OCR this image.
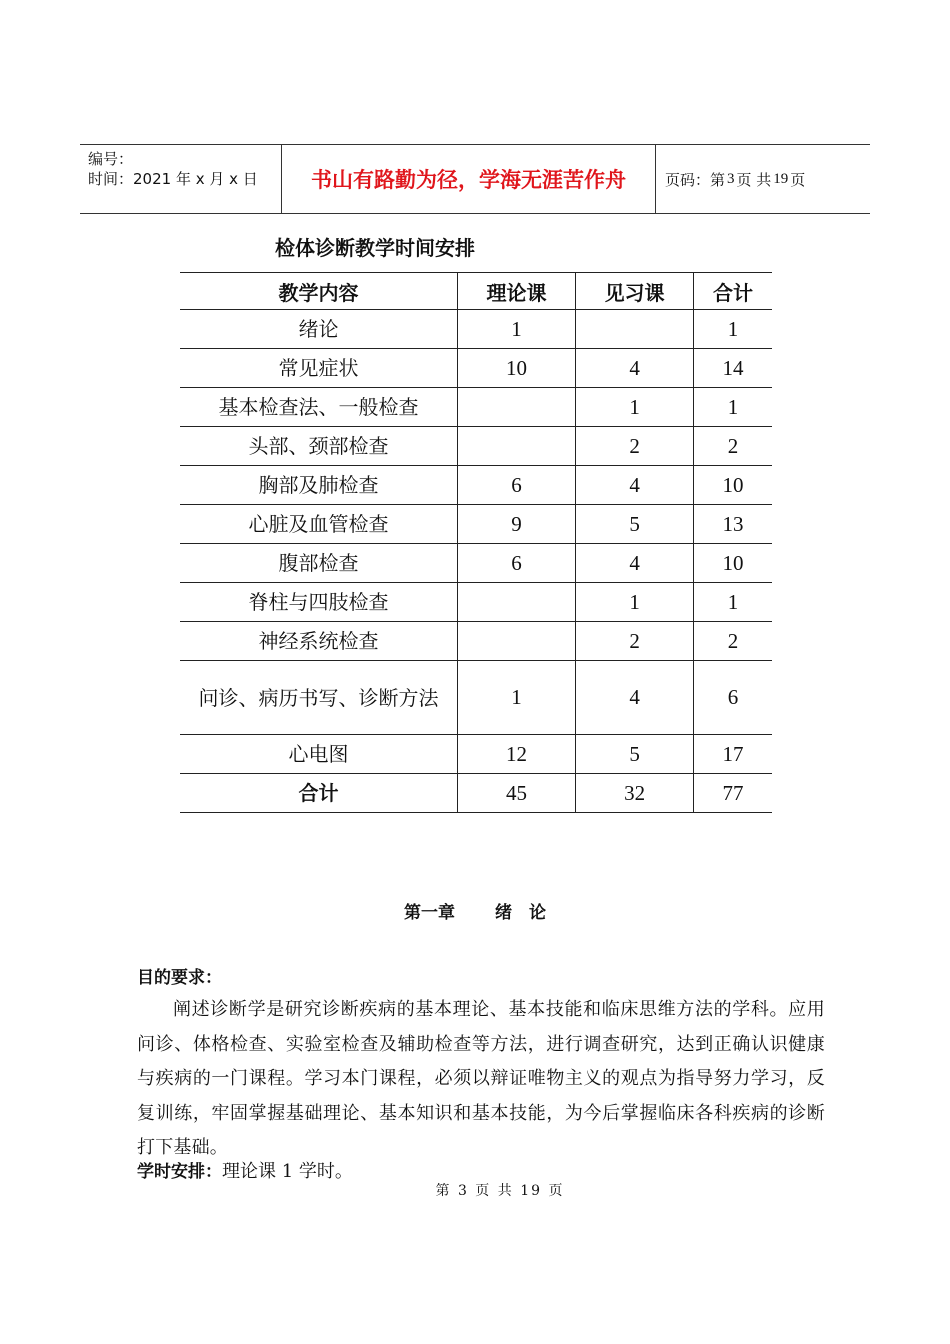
编号：
时间：2021 年 x 月 x 日	书山有路勤为径，学海无涯苦作舟	页码：第 3 页 共 19 页
检体诊断教学时间安排
教学内容	理论课	见习课	合计
绪论	1		1
常见症状	10	4	14
基本检查法、一般检查		1	1
头部、颈部检查		2	2
胸部及肺检查	6	4	10
心脏及血管检查	9	5	13
腹部检查	6	4	10
脊柱与四肢检查		1	1
神经系统检查		2	2
问诊、病历书写、诊断方法	1	4	6
心电图	12	5	17
合计	45	32	77
第一章 绪　论
目的要求：
阐述诊断学是研究诊断疾病的基本理论、基本技能和临床思维方法的学科。应用问诊、体格检查、实验室检查及辅助检查等方法，进行调查研究，达到正确认识健康与疾病的一门课程。学习本门课程，必须以辩证唯物主义的观点为指导努力学习，反复训练，牢固掌握基础理论、基本知识和基本技能，为今后掌握临床各科疾病的诊断打下基础。
学时安排：理论课 1 学时。
第 3 页 共 19 页
